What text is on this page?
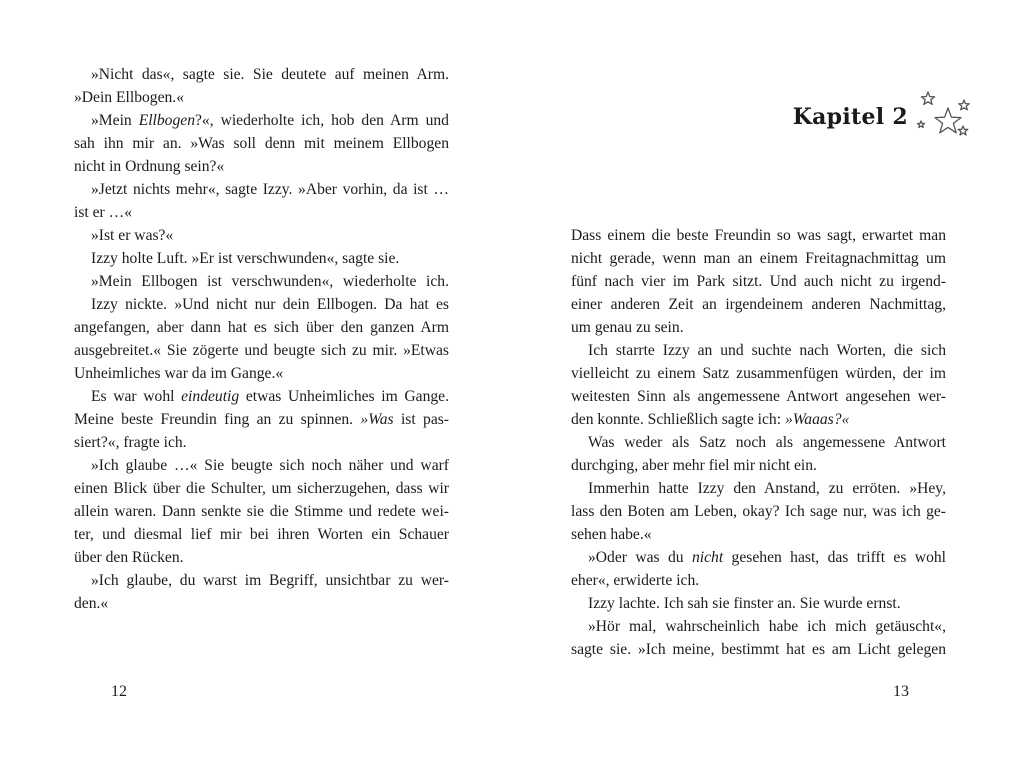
»Nicht das«, sagte sie. Sie deutete auf meinen Arm.
»Dein Ellbogen.«
»Mein Ellbogen?«, wiederholte ich, hob den Arm und
sah ihn mir an. »Was soll denn mit meinem Ellbogen
nicht in Ordnung sein?«
»Jetzt nichts mehr«, sagte Izzy. »Aber vorhin, da ist …
ist er …«
»Ist er was?«
Izzy holte Luft. »Er ist verschwunden«, sagte sie.
»Mein Ellbogen ist verschwunden«, wiederholte ich.
Izzy nickte. »Und nicht nur dein Ellbogen. Da hat es
angefangen, aber dann hat es sich über den ganzen Arm
ausgebreitet.« Sie zögerte und beugte sich zu mir. »Etwas
Unheimliches war da im Gange.«
Es war wohl eindeutig etwas Unheimliches im Gange.
Meine beste Freundin fing an zu spinnen. »Was ist pas-
siert?«, fragte ich.
»Ich glaube …« Sie beugte sich noch näher und warf
einen Blick über die Schulter, um sicherzugehen, dass wir
allein waren. Dann senkte sie die Stimme und redete wei-
ter, und diesmal lief mir bei ihren Worten ein Schauer
über den Rücken.
»Ich glaube, du warst im Begriff, unsichtbar zu wer-
den.«
12
Kapitel 2
Dass einem die beste Freundin so was sagt, erwartet man
nicht gerade, wenn man an einem Freitagnachmittag um
fünf nach vier im Park sitzt. Und auch nicht zu irgend-
einer anderen Zeit an irgendeinem anderen Nachmittag,
um genau zu sein.
Ich starrte Izzy an und suchte nach Worten, die sich
vielleicht zu einem Satz zusammenfügen würden, der im
weitesten Sinn als angemessene Antwort angesehen wer-
den konnte. Schließlich sagte ich: »Waaas?«
Was weder als Satz noch als angemessene Antwort
durchging, aber mehr fiel mir nicht ein.
Immerhin hatte Izzy den Anstand, zu erröten. »Hey,
lass den Boten am Leben, okay? Ich sage nur, was ich ge-
sehen habe.«
»Oder was du nicht gesehen hast, das trifft es wohl
eher«, erwiderte ich.
Izzy lachte. Ich sah sie finster an. Sie wurde ernst.
»Hör mal, wahrscheinlich habe ich mich getäuscht«,
sagte sie. »Ich meine, bestimmt hat es am Licht gelegen
13
